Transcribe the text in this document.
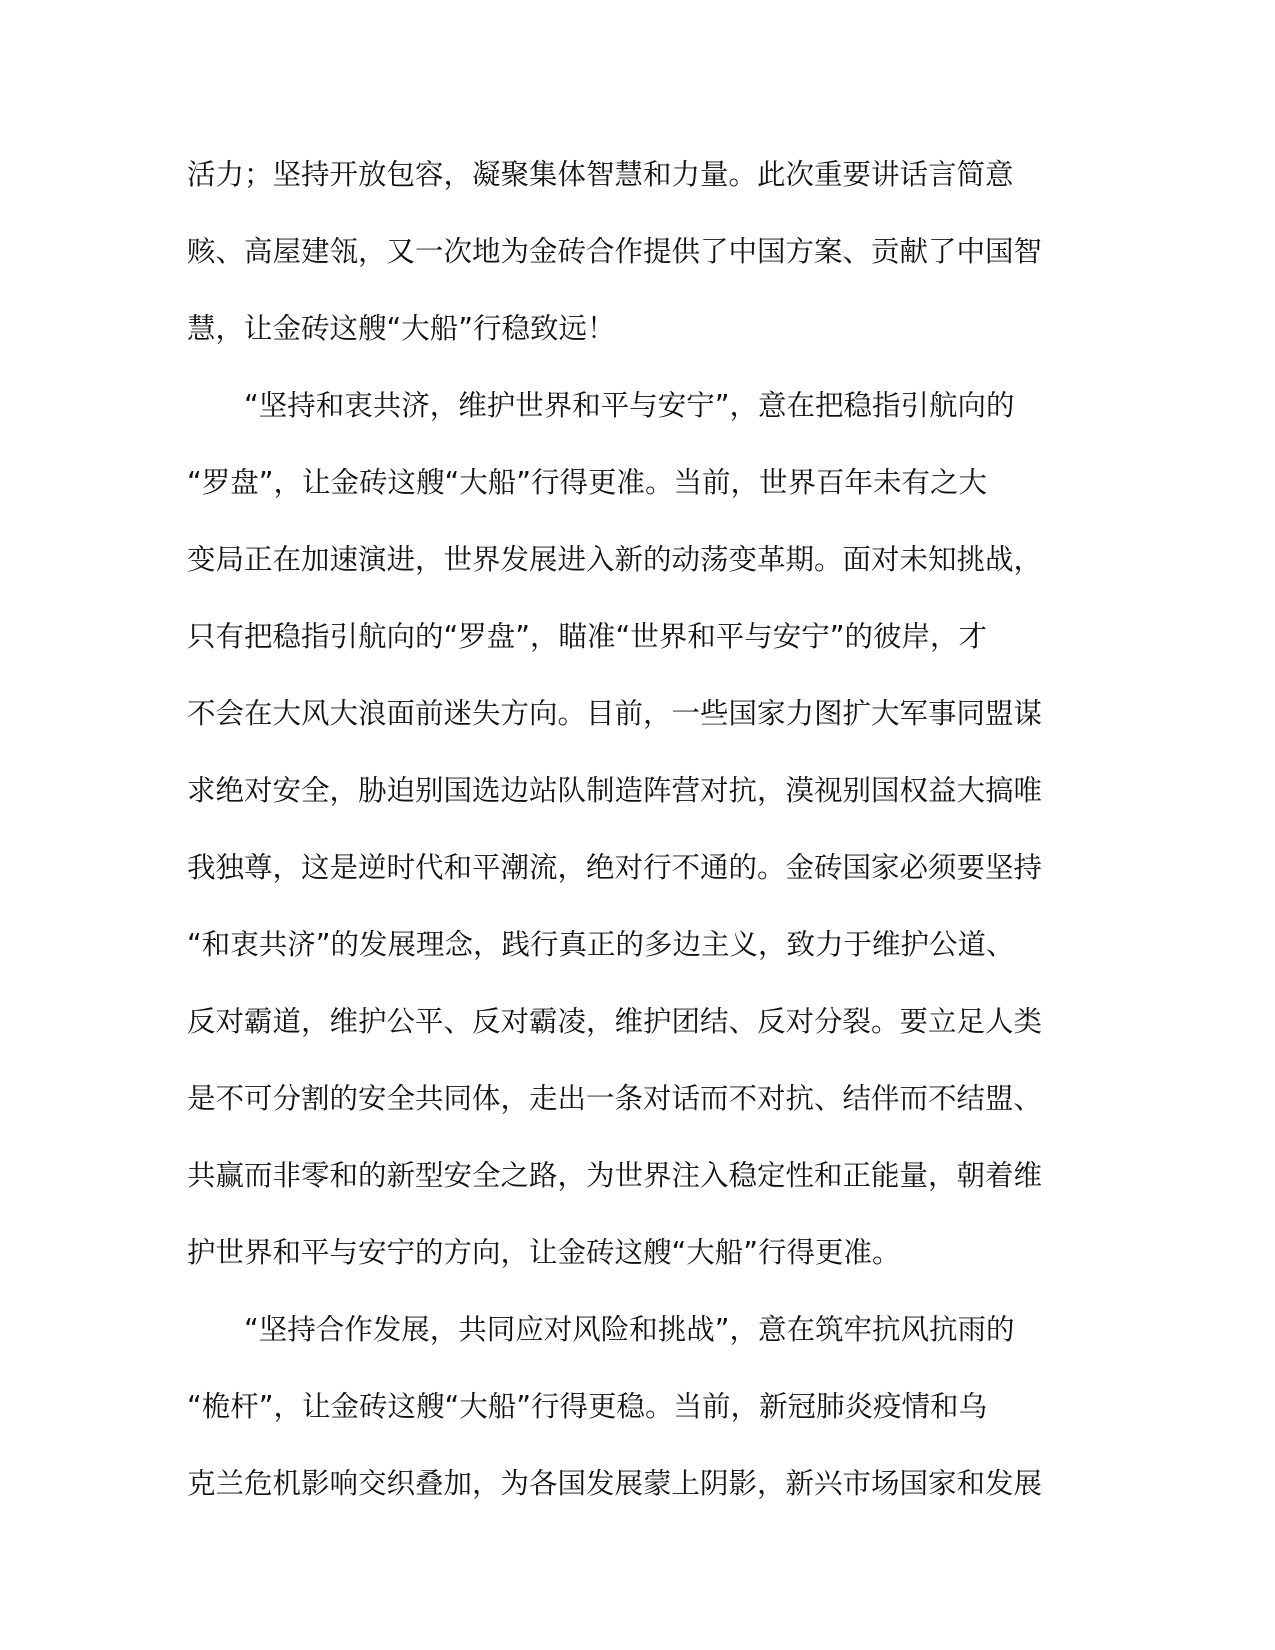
活力；坚持开放包容，凝聚集体智慧和力量。此次重要讲话言简意
赅、高屋建瓴，又一次地为金砖合作提供了中国方案、贡献了中国智
慧，让金砖这艘“大船”行稳致远！
　　“坚持和衷共济，维护世界和平与安宁”，意在把稳指引航向的
“罗盘”，让金砖这艘“大船”行得更准。当前，世界百年未有之大
变局正在加速演进，世界发展进入新的动荡变革期。面对未知挑战，
只有把稳指引航向的“罗盘”，瞄准“世界和平与安宁”的彼岸，才
不会在大风大浪面前迷失方向。目前，一些国家力图扩大军事同盟谋
求绝对安全，胁迫别国选边站队制造阵营对抗，漠视别国权益大搞唯
我独尊，这是逆时代和平潮流，绝对行不通的。金砖国家必须要坚持
“和衷共济”的发展理念，践行真正的多边主义，致力于维护公道、
反对霸道，维护公平、反对霸凌，维护团结、反对分裂。要立足人类
是不可分割的安全共同体，走出一条对话而不对抗、结伴而不结盟、
共赢而非零和的新型安全之路，为世界注入稳定性和正能量，朝着维
护世界和平与安宁的方向，让金砖这艘“大船”行得更准。
　　“坚持合作发展，共同应对风险和挑战”，意在筑牢抗风抗雨的
“桅杆”，让金砖这艘“大船”行得更稳。当前，新冠肺炎疫情和乌
克兰危机影响交织叠加，为各国发展蒙上阴影，新兴市场国家和发展
